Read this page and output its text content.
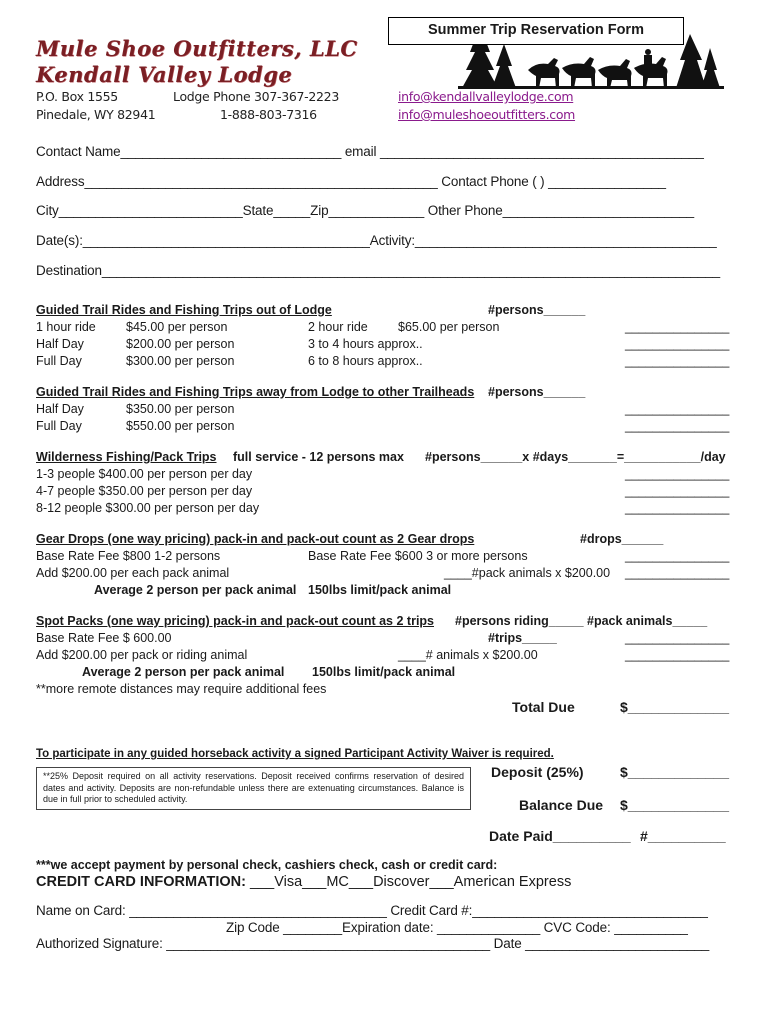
Mule Shoe Outfitters, LLC
Kendall Valley Lodge
P.O. Box 1555
Pinedale, WY 82941
Lodge Phone 307-367-2223
1-888-803-7316
info@kendallvalleylodge.com
info@muleshoeoutfitters.com
Summer Trip Reservation Form
Contact Name______________________________ email ____________________________________________
Address________________________________________________ Contact Phone ( ) ________________
City_________________________State_____Zip_____________ Other Phone__________________________
Date(s):_______________________________________Activity:_________________________________________
Destination____________________________________________________________________________________
Guided Trail Rides and Fishing Trips out of Lodge	#persons______
1 hour ride $45.00 per person	2 hour ride $65.00 per person	_______________
Half Day	$200.00 per person	3 to 4 hours approx..	_______________
Full Day	$300.00 per person	6 to 8 hours approx..	_______________
Guided Trail Rides and Fishing Trips away from Lodge to other Trailheads #persons______
Half Day	$350.00 per person	_______________
Full Day	$550.00 per person	_______________
Wilderness Fishing/Pack Trips full service - 12 persons max #persons______x #days_______=___________/day
1-3 people $400.00 per person per day	_______________
4-7 people $350.00 per person per day	_______________
8-12 people $300.00 per person per day	_______________
Gear Drops (one way pricing) pack-in and pack-out count as 2 Gear drops	#drops______
Base Rate Fee $800 1-2 persons	Base Rate Fee $600 3 or more persons	_______________
Add $200.00 per each pack animal	____#pack animals x $200.00 _______________
Average 2 person per pack animal 150lbs limit/pack animal
Spot Packs (one way pricing) pack-in and pack-out count as 2 trips #persons riding_____ #pack animals_____
Base Rate Fee $ 600.00	#trips_____	_______________
Add $200.00 per pack or riding animal	____# animals x $200.00	_______________
Average 2 person per pack animal 150lbs limit/pack animal
**more remote distances may require additional fees
Total Due	$_____________
To participate in any guided horseback activity a signed Participant Activity Waiver is required.
**25% Deposit required on all activity reservations. Deposit received confirms reservation of desired dates and activity. Deposits are non-refundable unless there are extenuating circumstances. Balance is due in full prior to scheduled activity.
Deposit (25%)	$_____________
Balance Due $_____________
Date Paid__________ #__________
***we accept payment by personal check, cashiers check, cash or credit card:
CREDIT CARD INFORMATION: ___Visa___MC___Discover___American Express
Name on Card: ___________________________________ Credit Card #:________________________________
Zip Code ________Expiration date: ______________ CVC Code: __________
Authorized Signature: ____________________________________________ Date _________________________
